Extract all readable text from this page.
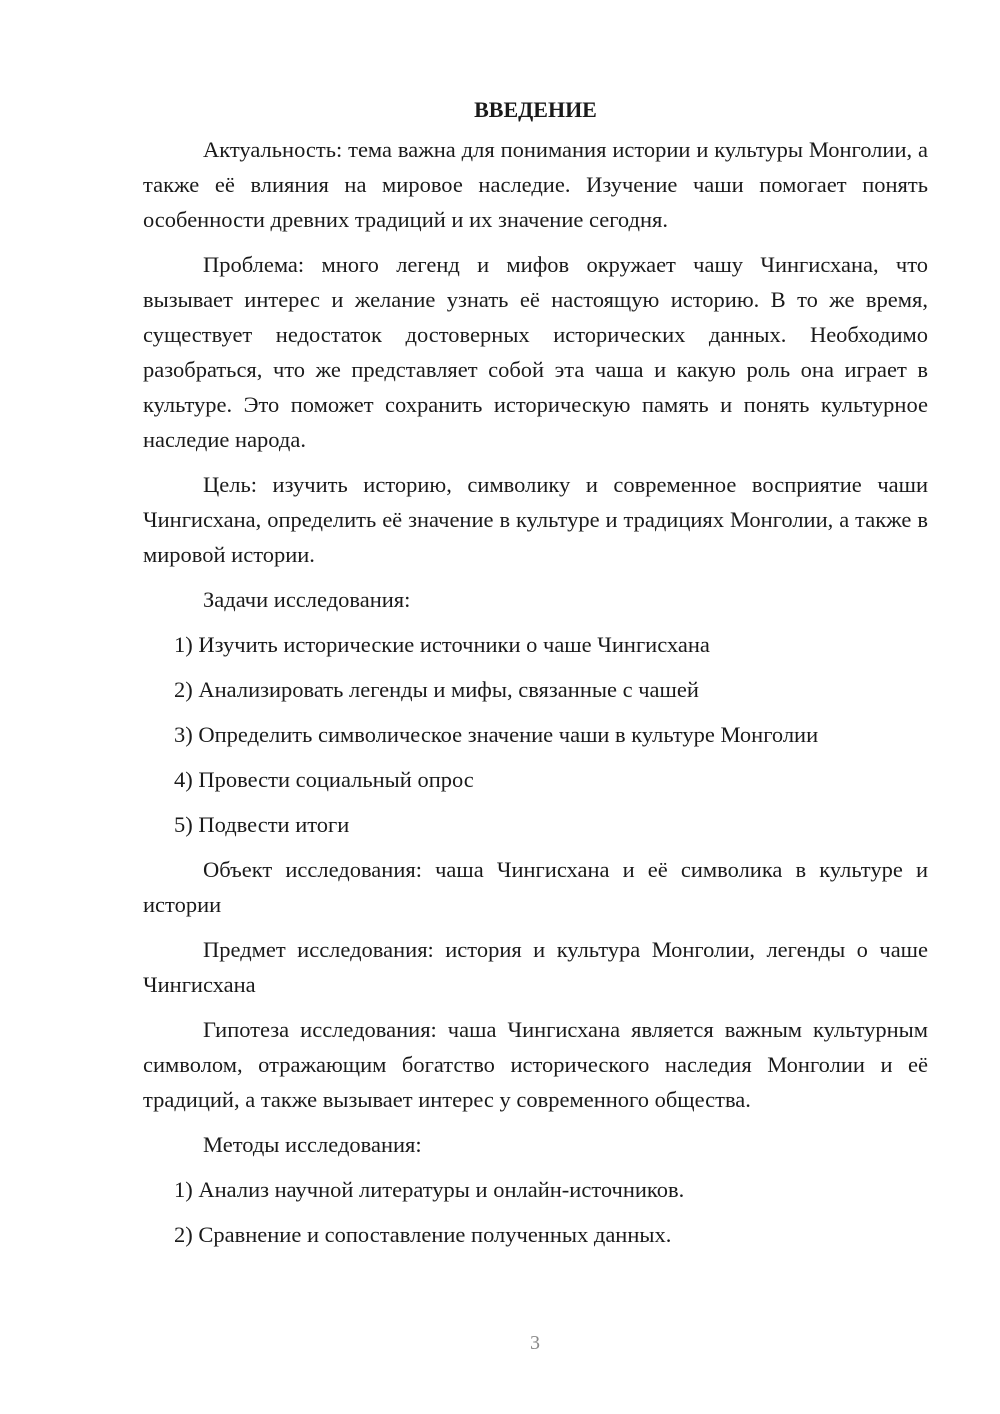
ВВЕДЕНИЕ

Актуальность: тема важна для понимания истории и культуры Монголии, а также её влияния на мировое наследие. Изучение чаши помогает понять особенности древних традиций и их значение сегодня.

Проблема: много легенд и мифов окружает чашу Чингисхана, что вызывает интерес и желание узнать её настоящую историю. В то же время, существует недостаток достоверных исторических данных. Необходимо разобраться, что же представляет собой эта чаша и какую роль она играет в культуре. Это поможет сохранить историческую память и понять культурное наследие народа.

Цель: изучить историю, символику и современное восприятие чаши Чингисхана, определить её значение в культуре и традициях Монголии, а также в мировой истории.

Задачи исследования:

1) Изучить исторические источники о чаше Чингисхана
2) Анализировать легенды и мифы, связанные с чашей
3) Определить символическое значение чаши в культуре Монголии
4) Провести социальный опрос
5) Подвести итоги

Объект исследования: чаша Чингисхана и её символика в культуре и истории

Предмет исследования: история и культура Монголии, легенды о чаше Чингисхана

Гипотеза исследования: чаша Чингисхана является важным культурным символом, отражающим богатство исторического наследия Монголии и её традиций, а также вызывает интерес у современного общества.

Методы исследования:

1) Анализ научной литературы и онлайн-источников.
2) Сравнение и сопоставление полученных данных.
3
